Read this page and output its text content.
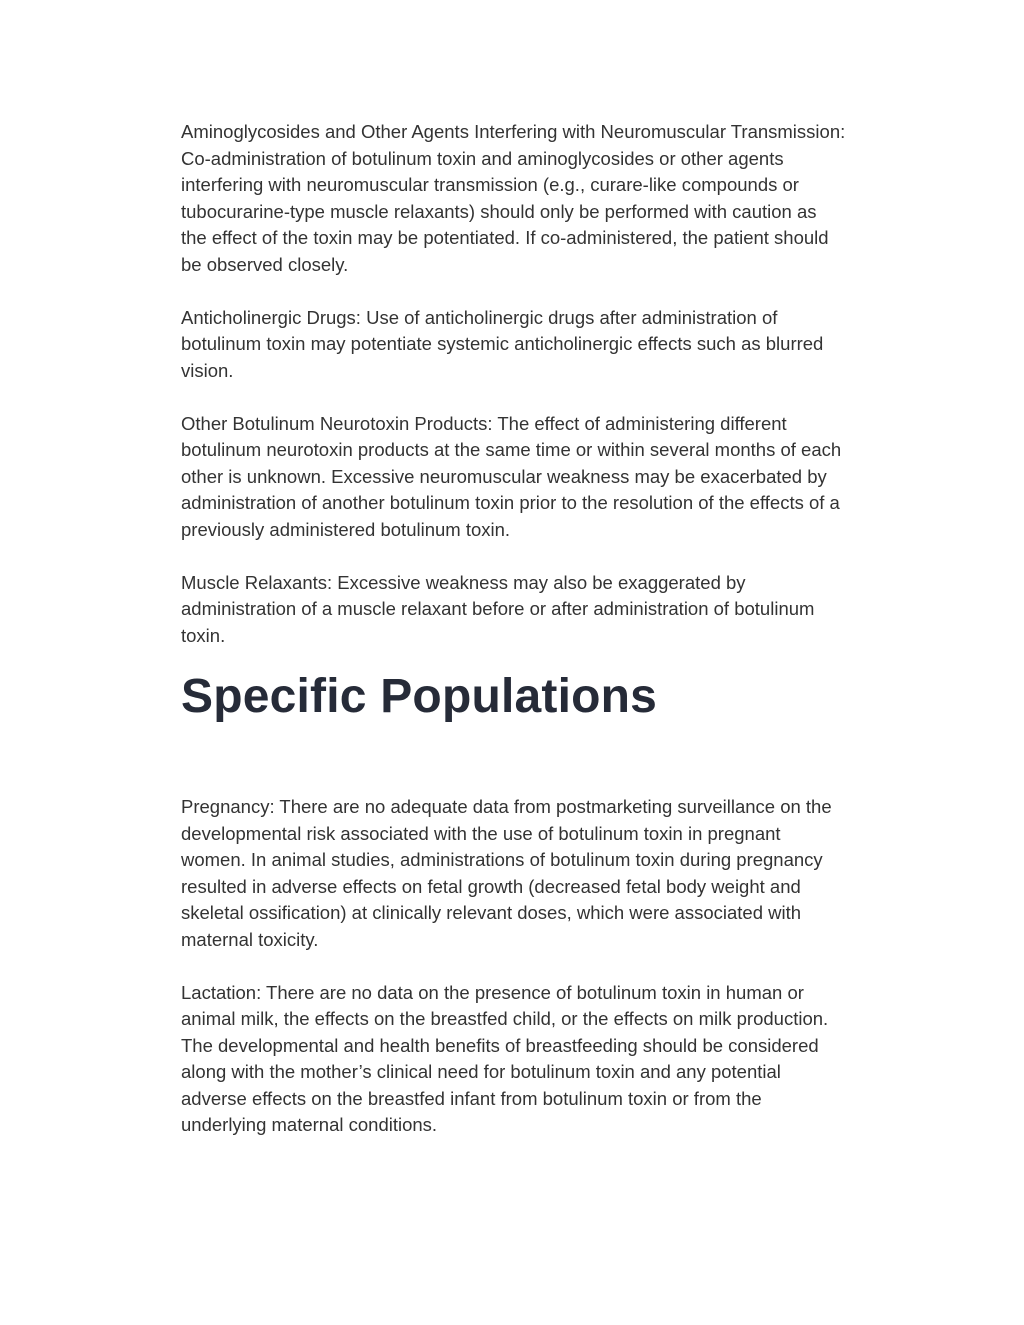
Aminoglycosides and Other Agents Interfering with Neuromuscular Transmission:
Co-administration of botulinum toxin and aminoglycosides or other agents
interfering with neuromuscular transmission (e.g., curare-like compounds or
tubocurarine-type muscle relaxants) should only be performed with caution as
the effect of the toxin may be potentiated. If co-administered, the patient should
be observed closely.

Anticholinergic Drugs: Use of anticholinergic drugs after administration of
botulinum toxin may potentiate systemic anticholinergic effects such as blurred
vision.

Other Botulinum Neurotoxin Products: The effect of administering different
botulinum neurotoxin products at the same time or within several months of each
other is unknown. Excessive neuromuscular weakness may be exacerbated by
administration of another botulinum toxin prior to the resolution of the effects of a
previously administered botulinum toxin.

Muscle Relaxants: Excessive weakness may also be exaggerated by
administration of a muscle relaxant before or after administration of botulinum
toxin.

Specific Populations

Pregnancy: There are no adequate data from postmarketing surveillance on the
developmental risk associated with the use of botulinum toxin in pregnant
women. In animal studies, administrations of botulinum toxin during pregnancy
resulted in adverse effects on fetal growth (decreased fetal body weight and
skeletal ossification) at clinically relevant doses, which were associated with
maternal toxicity.

Lactation: There are no data on the presence of botulinum toxin in human or
animal milk, the effects on the breastfed child, or the effects on milk production.
The developmental and health benefits of breastfeeding should be considered
along with the mother’s clinical need for botulinum toxin and any potential
adverse effects on the breastfed infant from botulinum toxin or from the
underlying maternal conditions.
